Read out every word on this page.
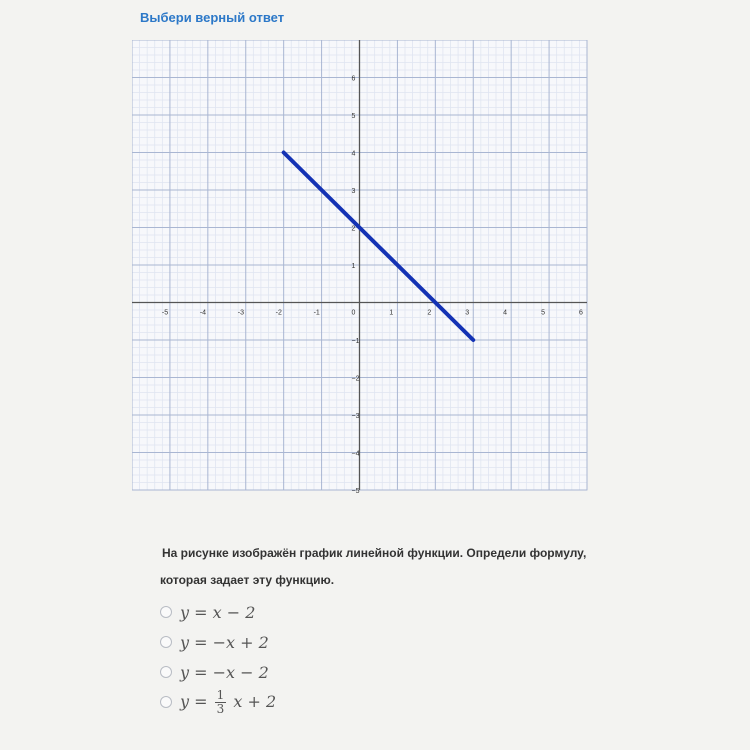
Выбери верный ответ
-5	-4	-3	-2	-1	0	1	2	3	4	5	6
6
5
4
3
2
1
−1
−2
−3
−4
−5
На рисунке изображён график линейной функции. Определи формулу,
которая задает эту функцию.
y = x − 2
y = −x + 2
y = −x − 2
$y = \frac{1}{3}$ x + 2
